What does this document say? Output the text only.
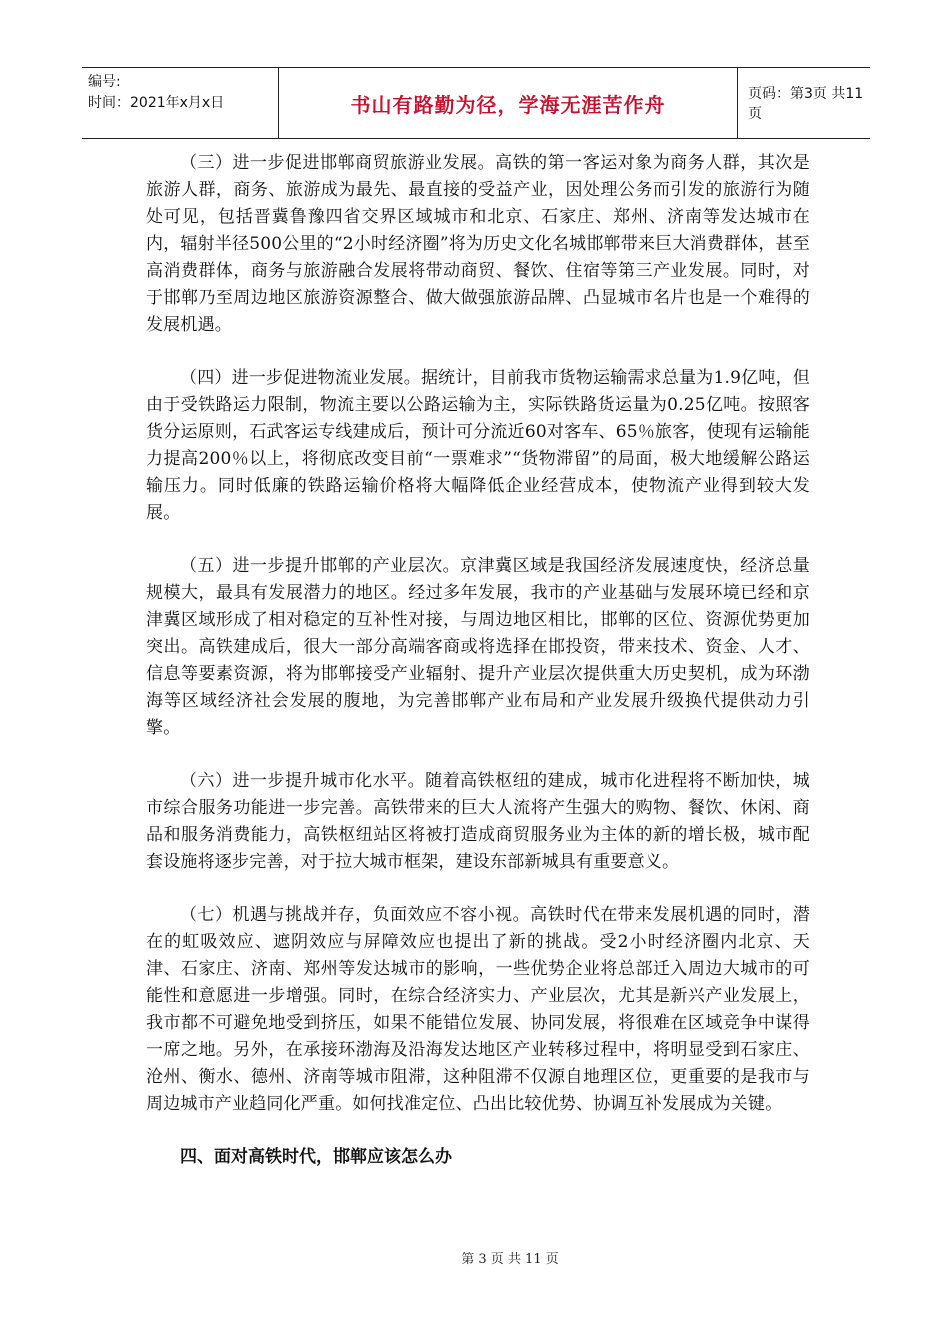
编号:
时间：2021年x月x日	书山有路勤为径，学海无涯苦作舟	页码：第3页 共11页

（三）进一步促进邯郸商贸旅游业发展。高铁的第一客运对象为商务人群，其次是旅游人群，商务、旅游成为最先、最直接的受益产业，因处理公务而引发的旅游行为随处可见，包括晋冀鲁豫四省交界区域城市和北京、石家庄、郑州、济南等发达城市在内，辐射半径500公里的“2小时经济圈”将为历史文化名城邯郸带来巨大消费群体，甚至高消费群体，商务与旅游融合发展将带动商贸、餐饮、住宿等第三产业发展。同时，对于邯郸乃至周边地区旅游资源整合、做大做强旅游品牌、凸显城市名片也是一个难得的发展机遇。

（四）进一步促进物流业发展。据统计，目前我市货物运输需求总量为1.9亿吨，但由于受铁路运力限制，物流主要以公路运输为主，实际铁路货运量为0.25亿吨。按照客货分运原则，石武客运专线建成后，预计可分流近60对客车、65％旅客，使现有运输能力提高200％以上，将彻底改变目前“一票难求”“货物滞留”的局面，极大地缓解公路运输压力。同时低廉的铁路运输价格将大幅降低企业经营成本，使物流产业得到较大发展。

（五）进一步提升邯郸的产业层次。京津冀区域是我国经济发展速度快，经济总量规模大，最具有发展潜力的地区。经过多年发展，我市的产业基础与发展环境已经和京津冀区域形成了相对稳定的互补性对接，与周边地区相比，邯郸的区位、资源优势更加突出。高铁建成后，很大一部分高端客商或将选择在邯投资，带来技术、资金、人才、信息等要素资源，将为邯郸接受产业辐射、提升产业层次提供重大历史契机，成为环渤海等区域经济社会发展的腹地，为完善邯郸产业布局和产业发展升级换代提供动力引擎。

（六）进一步提升城市化水平。随着高铁枢纽的建成，城市化进程将不断加快，城市综合服务功能进一步完善。高铁带来的巨大人流将产生强大的购物、餐饮、休闲、商品和服务消费能力，高铁枢纽站区将被打造成商贸服务业为主体的新的增长极，城市配套设施将逐步完善，对于拉大城市框架，建设东部新城具有重要意义。

（七）机遇与挑战并存，负面效应不容小视。高铁时代在带来发展机遇的同时，潜在的虹吸效应、遮阴效应与屏障效应也提出了新的挑战。受2小时经济圈内北京、天津、石家庄、济南、郑州等发达城市的影响，一些优势企业将总部迁入周边大城市的可能性和意愿进一步增强。同时，在综合经济实力、产业层次，尤其是新兴产业发展上，我市都不可避免地受到挤压，如果不能错位发展、协同发展，将很难在区域竞争中谋得一席之地。另外，在承接环渤海及沿海发达地区产业转移过程中，将明显受到石家庄、沧州、衡水、德州、济南等城市阻滞，这种阻滞不仅源自地理区位，更重要的是我市与周边城市产业趋同化严重。如何找准定位、凸出比较优势、协调互补发展成为关键。

四、面对高铁时代，邯郸应该怎么办

第 3 页 共 11 页
